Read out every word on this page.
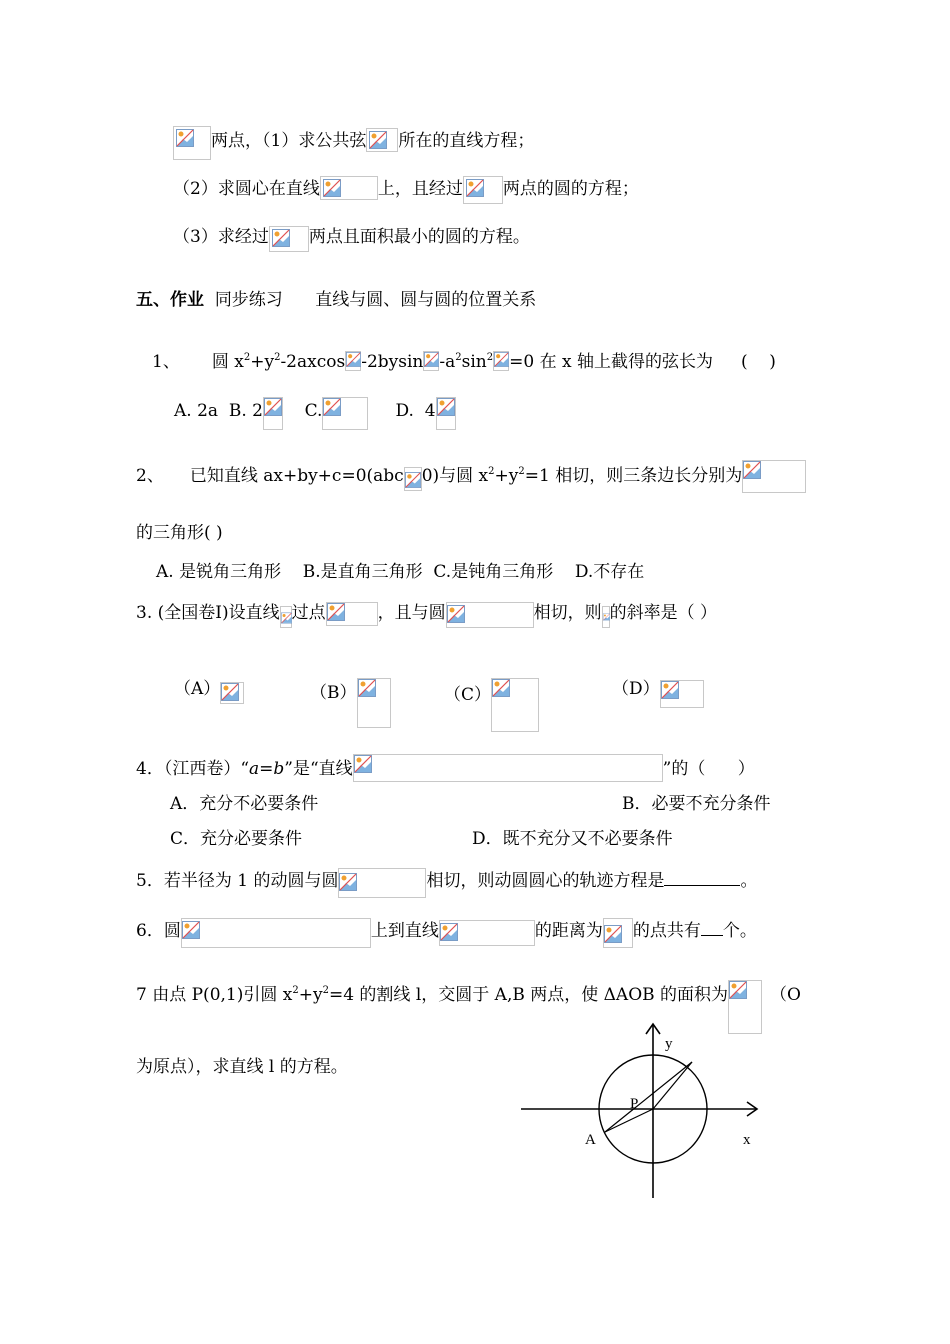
两点，（1）求公共弦 所在的直线方程；
（2）求圆心在直线	上，且经过 两点的圆的方程；
（3）求经过 两点且面积最小的圆的方程。
五、作业 同步练习      直线与圆、圆与圆的位置关系
1、 圆 $x^2+y^2-2axcos$ -2bysin $-a^2\sin^2 =0$ 在 x 轴上截得的弦长为 (    )
A. 2a B. 2 C.	D.  4
2、 已知直线 ax+by+c=0(abc 0)与圆 $x^2+y^2=1$ 相切，则三条边长分别为
的三角形( )
A. 是锐角三角形    B.是直角三角形  C.是钝角三角形    D.不存在
3. (全国卷Ⅰ)设直线 过点	，且与圆	相切，则 的斜率是（ ）
（A）	（B）	（C）	（D）
4．（江西卷）“a=b”是“直线	”的（      ）
A．充分不必要条件	B．必要不充分条件
C．充分必要条件	D．既不充分又不必要条件
5．若半径为 1 的动圆与圆	相切，则动圆圆心的轨迹方程是	。
6．圆	上到直线	的距离为 的点共有 个。
7 由点 P(0,1)引圆 $x^2+y^2=4$ 的割线 l，交圆于 A,B 两点，使 ΔAOB 的面积为 （O
为原点），求直线 l 的方程。
y
x
P
A
